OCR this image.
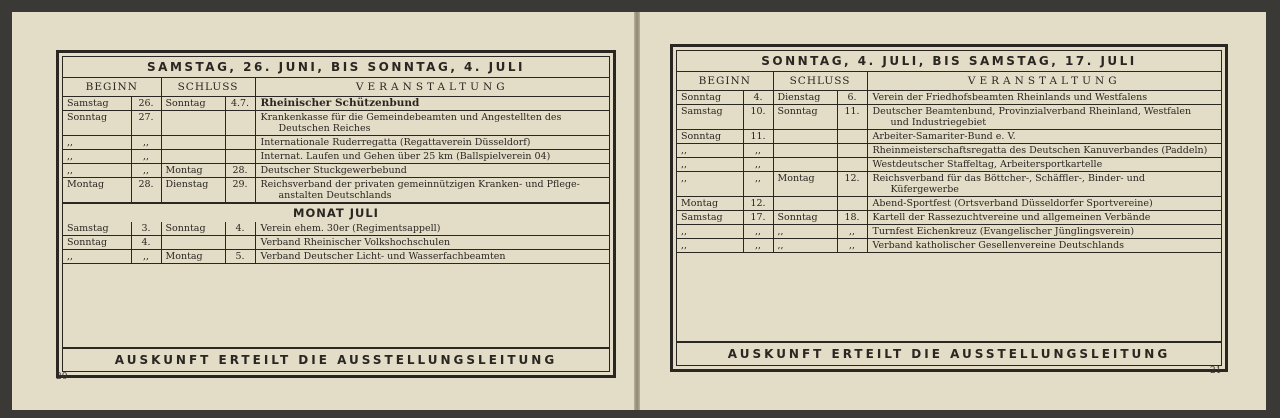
SAMSTAG, 26. JUNI, BIS SONNTAG, 4. JULI
BEGINN		SCHLUSS		VERANSTALTUNG
Samstag	26.	Sonntag	4.7.	Rheinischer Schützenbund
Sonntag	27.			Krankenkasse für die Gemeindebeamten und Angestellten des
Deutschen Reiches

,,	,,			Internationale Ruderregatta (Regattaverein Düsseldorf)
,,	,,			Internat. Laufen und Gehen über 25 km (Ballspielverein 04)
,,	,,	Montag	28.	Deutscher Stuckgewerbebund
Montag	28.	Dienstag	29.	Reichsverband der privaten gemeinnützigen Kranken- und Pflege-
anstalten Deutschlands
MONAT JULI
Samstag	3.	Sonntag	4.	Verein ehem. 30er (Regimentsappell)
Sonntag	4.			Verband Rheinischer Volkshochschulen
,,	,,	Montag	5.	Verband Deutscher Licht- und Wasserfachbeamten
AUSKUNFT ERTEILT DIE AUSSTELLUNGSLEITUNG
20
SONNTAG, 4. JULI, BIS SAMSTAG, 17. JULI
BEGINN		SCHLUSS		VERANSTALTUNG
Sonntag	4.	Dienstag	6.	Verein der Friedhofsbeamten Rheinlands und Westfalens
Samstag	10.	Sonntag	11.	Deutscher Beamtenbund, Provinzialverband Rheinland, Westfalen
und Industriegebiet

Sonntag	11.			Arbeiter-Samariter-Bund e. V.
,,	,,			Rheinmeisterschaftsregatta des Deutschen Kanuverbandes (Paddeln)
,,	,,			Westdeutscher Staffeltag, Arbeitersportkartelle
,,	,,	Montag	12.	Reichsverband für das Böttcher-, Schäffler-, Binder- und
Küfergewerbe

Montag	12.			Abend-Sportfest (Ortsverband Düsseldorfer Sportvereine)
Samstag	17.	Sonntag	18.	Kartell der Rassezuchtvereine und allgemeinen Verbände
,,	,,	,,	,,	Turnfest Eichenkreuz (Evangelischer Jünglingsverein)
,,	,,	,,	,,	Verband katholischer Gesellenvereine Deutschlands
AUSKUNFT ERTEILT DIE AUSSTELLUNGSLEITUNG
21
